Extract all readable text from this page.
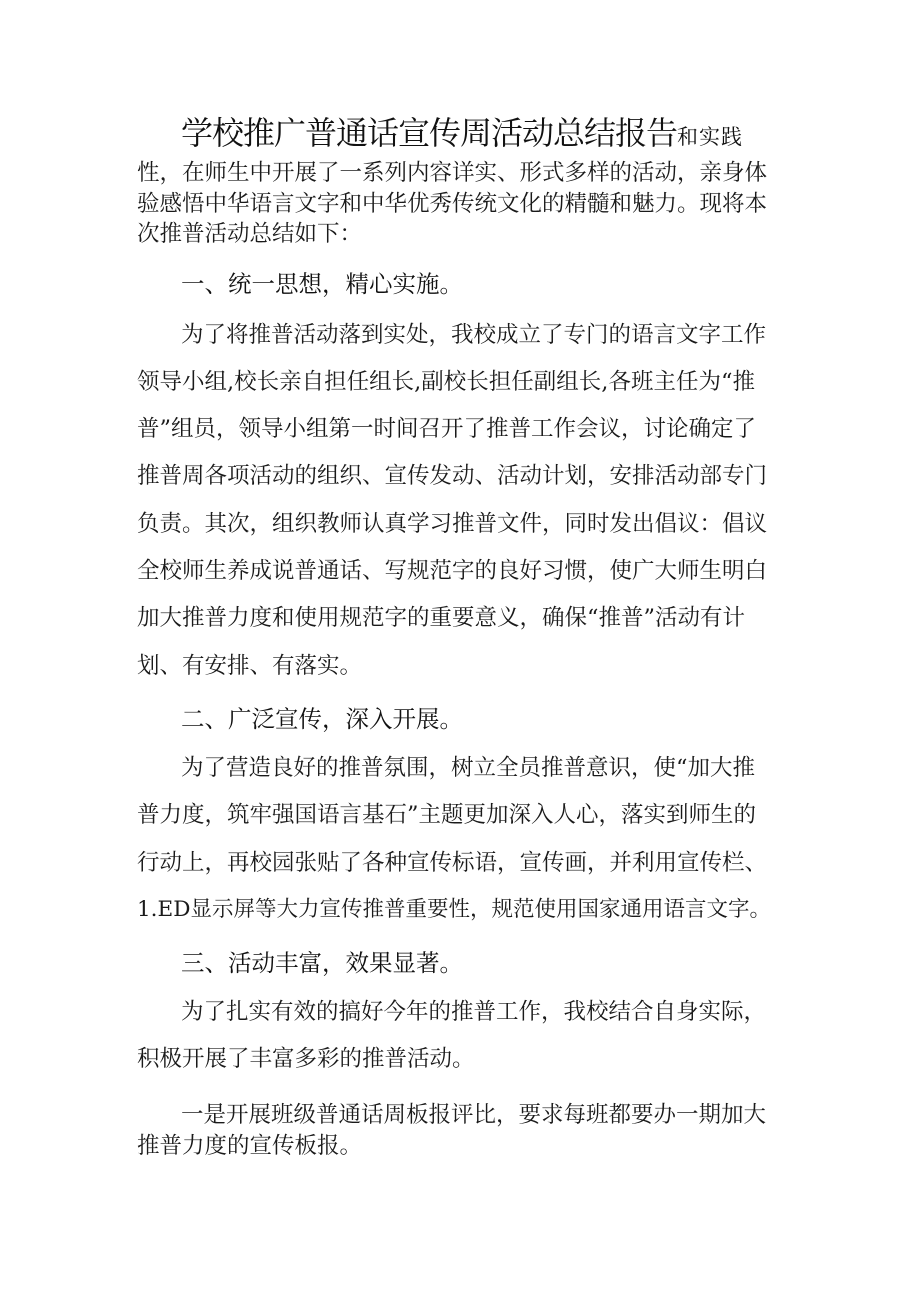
学校推广普通话宣传周活动总结报告和实践
性，在师生中开展了一系列内容详实、形式多样的活动，亲身体
验感悟中华语言文字和中华优秀传统文化的精髓和魅力。现将本
次推普活动总结如下：
一、统一思想，精心实施。
为了将推普活动落到实处，我校成立了专门的语言文字工作
领导小组,校长亲自担任组长,副校长担任副组长,各班主任为“推
普”组员，领导小组第一时间召开了推普工作会议，讨论确定了
推普周各项活动的组织、宣传发动、活动计划，安排活动部专门
负责。其次，组织教师认真学习推普文件，同时发出倡议：倡议
全校师生养成说普通话、写规范字的良好习惯，使广大师生明白
加大推普力度和使用规范字的重要意义，确保“推普”活动有计
划、有安排、有落实。
二、广泛宣传，深入开展。
为了营造良好的推普氛围，树立全员推普意识，使“加大推
普力度，筑牢强国语言基石”主题更加深入人心，落实到师生的
行动上，再校园张贴了各种宣传标语，宣传画，并利用宣传栏、
1.ED显示屏等大力宣传推普重要性，规范使用国家通用语言文字。
三、活动丰富，效果显著。
为了扎实有效的搞好今年的推普工作，我校结合自身实际，
积极开展了丰富多彩的推普活动。
一是开展班级普通话周板报评比，要求每班都要办一期加大
推普力度的宣传板报。
